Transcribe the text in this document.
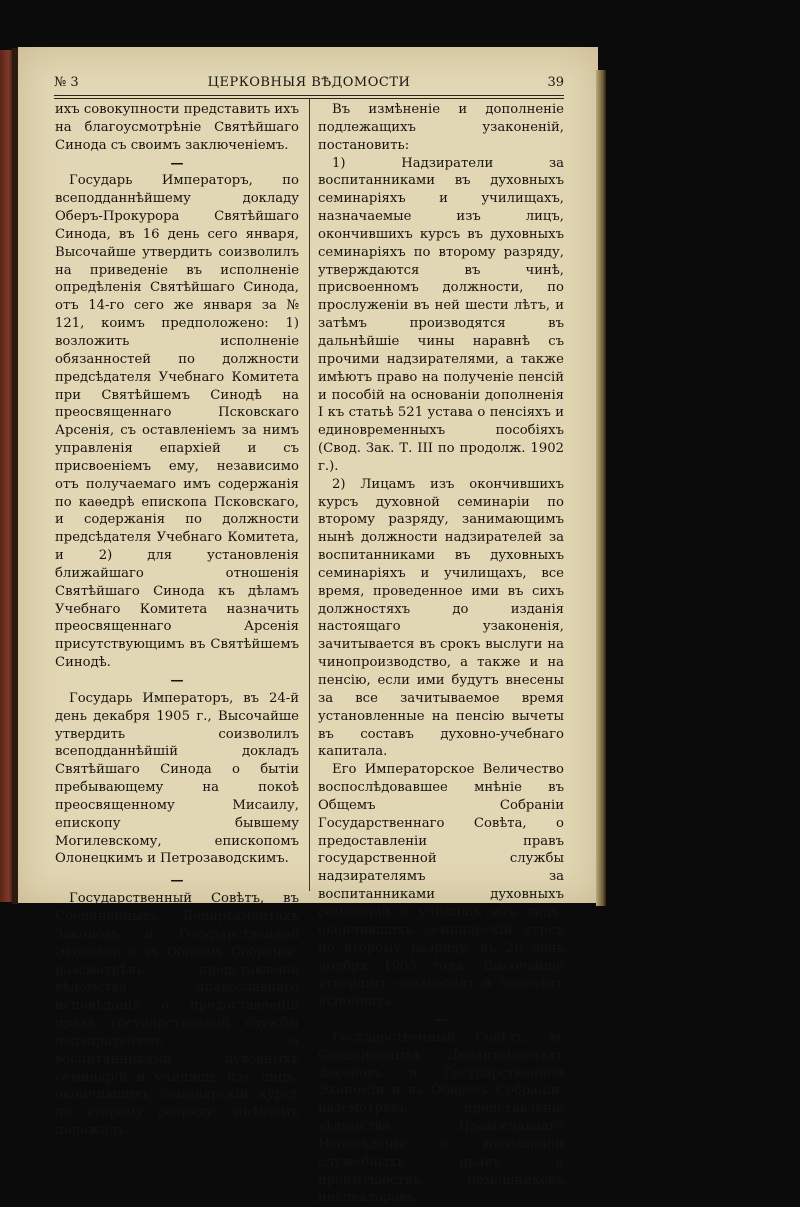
№ 3	ЦЕРКОВНЫЯ ВѢДОМОСТИ	39

ихъ совокупности представить ихъ на благоусмотрѣніе Святѣйшаго Синода съ своимъ заключеніемъ.

—

Государь Императоръ, по всеподданнѣйшему докладу Оберъ-Прокурора Святѣйшаго Синода, въ 16 день сего января, Высочайше утвердить соизволилъ на приведеніе въ исполненіе опредѣленія Святѣйшаго Синода, отъ 14-го сего же января за № 121, коимъ предположено: 1) возложить исполненіе обязанностей по должности предсѣдателя Учебнаго Комитета при Святѣйшемъ Синодѣ на преосвященнаго Псковскаго Арсенія, съ оставленіемъ за нимъ управленія епархіей и съ присвоеніемъ ему, независимо отъ получаемаго имъ содержанія по каѳедрѣ епископа Псковскаго, и содержанія по должности предсѣдателя Учебнаго Комитета, и 2) для установленія ближайшаго отношенія Святѣйшаго Синода къ дѣламъ Учебнаго Комитета назначить преосвященнаго Арсенія присутствующимъ въ Святѣйшемъ Синодѣ.

—

Государь Императоръ, въ 24-й день декабря 1905 г., Высочайше утвердить соизволилъ всеподданнѣйшій докладъ Святѣйшаго Синода о бытіи пребывающему на покоѣ преосвященному Мисаилу, епископу бывшему Могилевскому, епископомъ Олонецкимъ и Петрозаводскимъ.

—

Государственный Совѣтъ, въ Соединенныхъ Департаментахъ Законовъ и Государственной Экономіи и въ Общемъ Собраніи, разсмотрѣвъ представленіе вѣдомства православнаго исповѣданія о предоставленіи правъ государственной службы надзирателямъ за воспитанниками духовныхъ семинарій и училищъ изъ лицъ, окончившихъ семинарскій курсъ по второму разряду, мнѣніемъ положилъ:

Въ измѣненіе и дополненіе подлежащихъ узаконеній, постановить:

1) Надзиратели за воспитанниками въ духовныхъ семинаріяхъ и училищахъ, назначаемые изъ лицъ, окончившихъ курсъ въ духовныхъ семинаріяхъ по второму разряду, утверждаются въ чинѣ, присвоенномъ должности, по прослуженіи въ ней шести лѣтъ, и затѣмъ производятся въ дальнѣйшіе чины наравнѣ съ прочими надзирателями, а также имѣютъ право на полученіе пенсій и пособій на основаніи дополненія I къ статьѣ 521 устава о пенсіяхъ и единовременныхъ пособіяхъ (Свод. Зак. Т. III по продолж. 1902 г.).

2) Лицамъ изъ окончившихъ курсъ духовной семинаріи по второму разряду, занимающимъ нынѣ должности надзирателей за воспитанниками въ духовныхъ семинаріяхъ и училищахъ, все время, проведенное ими въ сихъ должностяхъ до изданія настоящаго узаконенія, зачитывается въ срокъ выслуги на чинопроизводство, а также и на пенсію, если ими будутъ внесены за все зачитываемое время установленные на пенсію вычеты въ составъ духовно-учебнаго капитала.

Его Императорское Величество воспослѣдовавшее мнѣніе въ Общемъ Собраніи Государственнаго Совѣта, о предоставленіи правъ государственной службы надзирателямъ за воспитанниками духовныхъ семинарій и училищъ изъ лицъ, окончившихъ семинарскій курсъ по второму разряду, въ 28 день ноября 1905 года, Высочайше утвердить соизволилъ и повелѣлъ исполнить:

—

Государственный Совѣтъ, въ Соединенныхъ Департаментахъ Законовъ и Государственной Экономіи и въ Общемъ Собраніи, разсмотрѣвъ представленіе вѣдомства Православнаго Исповѣданія о возвышеніи служебныхъ правъ и преимуществъ помощниковъ инспекторовъ
